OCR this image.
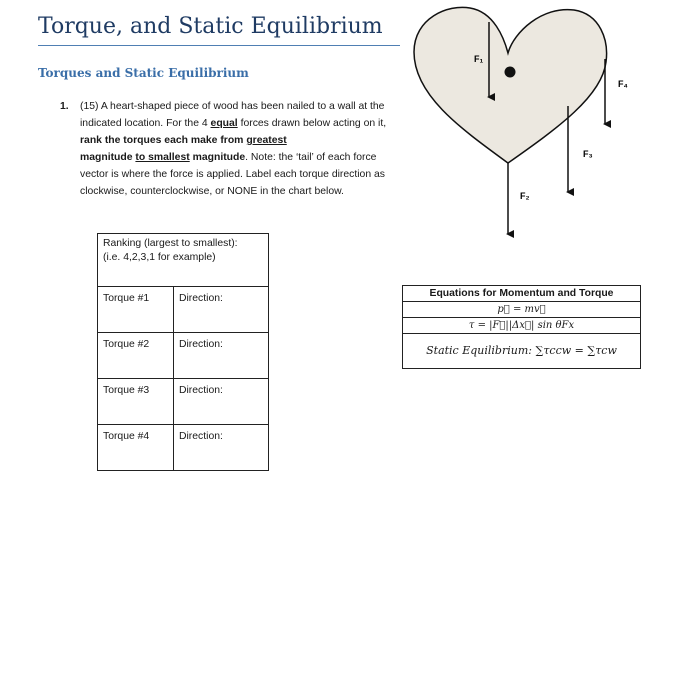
Torque, and Static Equilibrium
Torques and Static Equilibrium
1. (15) A heart-shaped piece of wood has been nailed to a wall at the indicated location. For the 4 equal forces drawn below acting on it, rank the torques each make from greatest
magnitude to smallest magnitude. Note: the ‘tail’ of each force vector is where the force is applied. Label each torque direction as clockwise, counterclockwise, or NONE in the chart below.
Ranking (largest to smallest):
(i.e. 4,2,3,1 for example)	
Torque #1	Direction:
Torque #2	Direction:
Torque #3	Direction:
Torque #4	Direction:
F₁
F₂
F₃
F₄
Equations for Momentum and Torque
p⃗ = mv⃗
τ = |F⃗||Δx⃗| sin θFx
Static Equilibrium: ∑τccw = ∑τcw
